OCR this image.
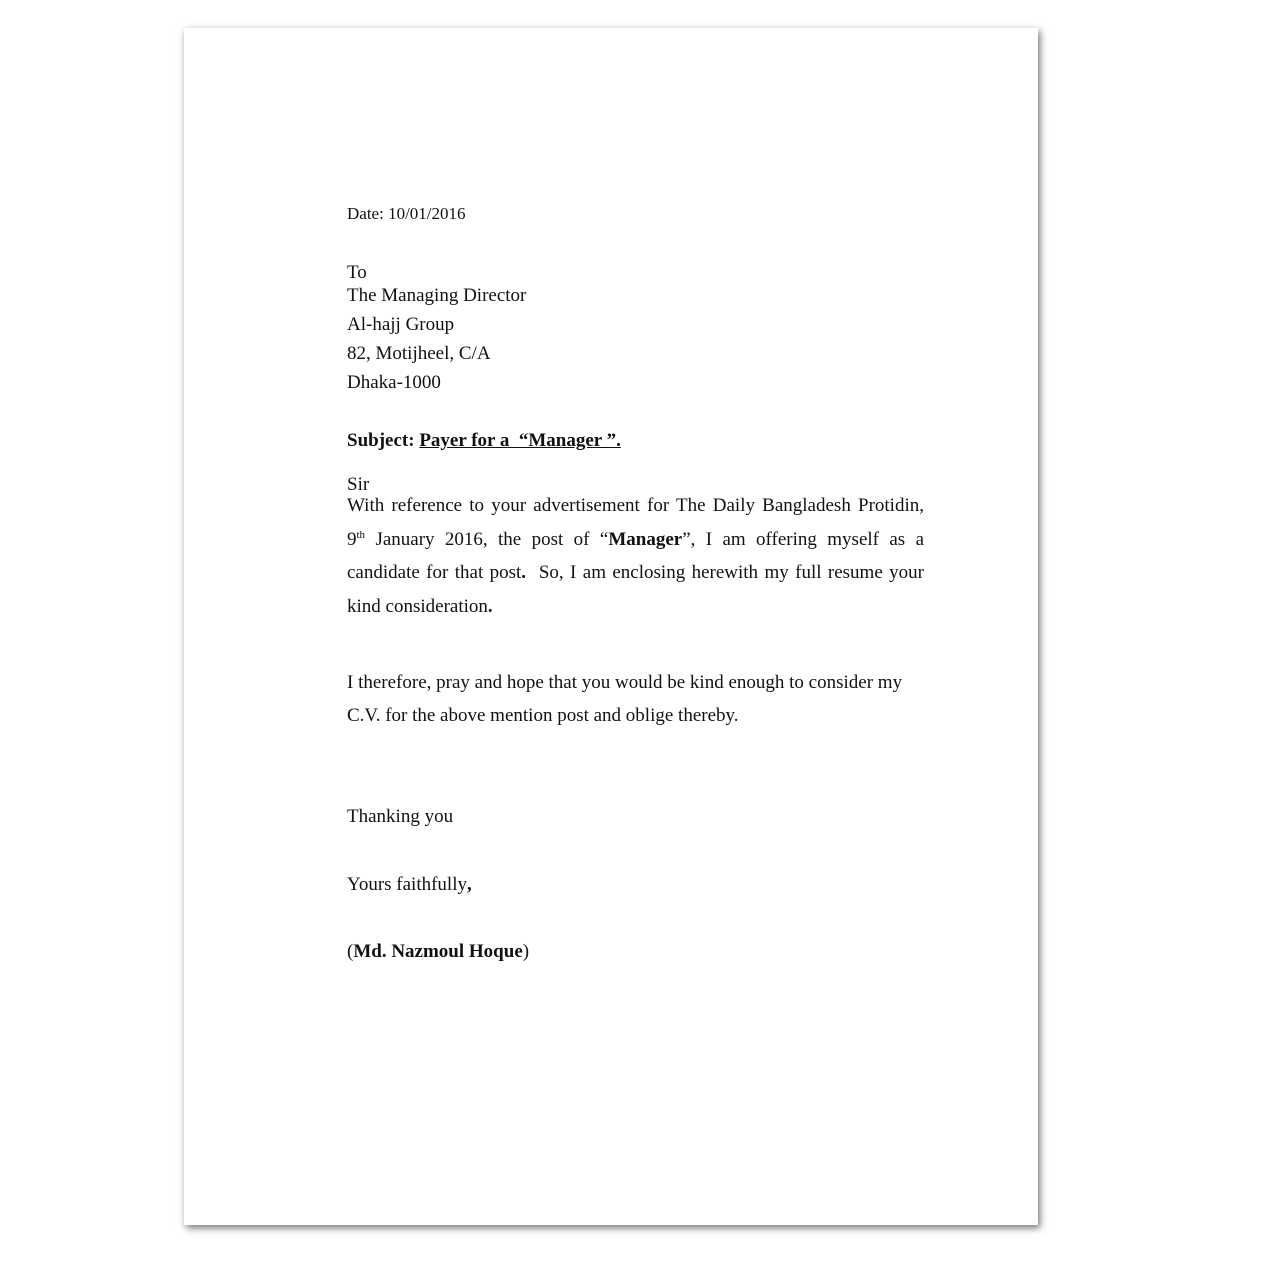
Date: 10/01/2016
To
The Managing Director
Al-hajj Group
82, Motijheel, C/A
Dhaka-1000
Subject: Payer for a  “Manager ”.
Sir
With reference to your advertisement for The Daily Bangladesh Protidin, 9th January 2016, the post of “Manager”, I am offering myself as a candidate for that post.  So, I am enclosing herewith my full resume your kind consideration.
I therefore, pray and hope that you would be kind enough to consider my C.V. for the above mention post and oblige thereby.
Thanking you
Yours faithfully,
(Md. Nazmoul Hoque)
